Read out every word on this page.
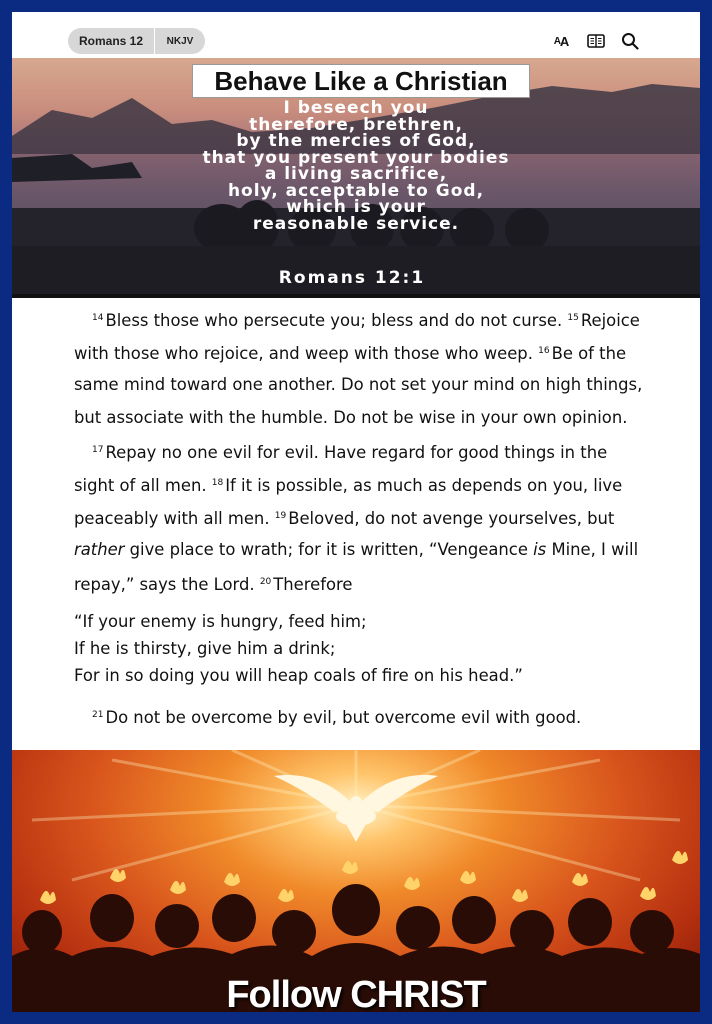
Romans 12	NKJV	A A
Behave Like a Christian
I beseech you
therefore, brethren,
by the mercies of God,
that you present your bodies
a living sacrifice,
holy, acceptable to God,
which is your
reasonable service.
Romans 12:1
$^{14}$ Bless those who persecute you; bless and do not curse. $^{15}$ Rejoice
with those who rejoice, and weep with those who weep. $^{16}$ Be of the
same mind toward one another. Do not set your mind on high things,
but associate with the humble. Do not be wise in your own opinion.
$^{17}$ Repay no one evil for evil. Have regard for good things in the
sight of all men. $^{18}$ If it is possible, as much as depends on you, live
peaceably with all men. $^{19}$ Beloved, do not avenge yourselves, but
rather give place to wrath; for it is written, “Vengeance is Mine, I will
repay,” says the Lord. $^{20}$ Therefore
“If your enemy is hungry, feed him;
If he is thirsty, give him a drink;
For in so doing you will heap coals of fire on his head.”
$^{21}$ Do not be overcome by evil, but overcome evil with good.
Follow CHRIST
